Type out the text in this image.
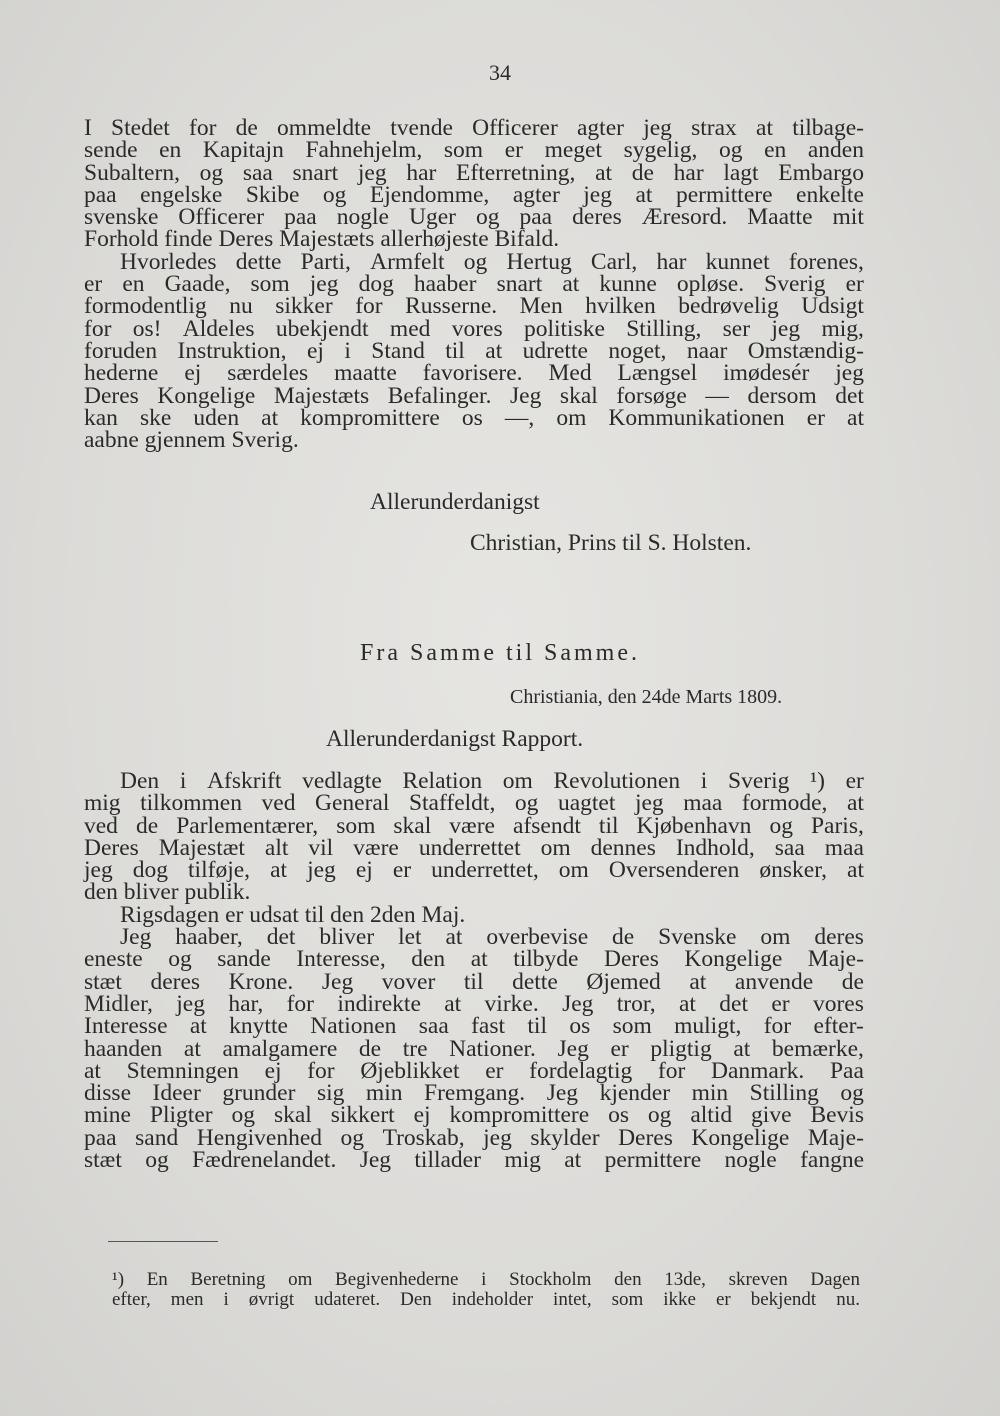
34
I Stedet for de ommeldte tvende Officerer agter jeg strax at tilbage-
sende en Kapitajn Fahnehjelm, som er meget sygelig, og en anden
Subaltern, og saa snart jeg har Efterretning, at de har lagt Embargo
paa engelske Skibe og Ejendomme, agter jeg at permittere enkelte
svenske Officerer paa nogle Uger og paa deres Æresord. Maatte mit
Forhold finde Deres Majestæts allerhøjeste Bifald.
Hvorledes dette Parti, Armfelt og Hertug Carl, har kunnet forenes,
er en Gaade, som jeg dog haaber snart at kunne opløse. Sverig er
formodentlig nu sikker for Russerne. Men hvilken bedrøvelig Udsigt
for os! Aldeles ubekjendt med vores politiske Stilling, ser jeg mig,
foruden Instruktion, ej i Stand til at udrette noget, naar Omstændig-
hederne ej særdeles maatte favorisere. Med Længsel imødesér jeg
Deres Kongelige Majestæts Befalinger. Jeg skal forsøge — dersom det
kan ske uden at kompromittere os —, om Kommunikationen er at
aabne gjennem Sverig.
Allerunderdanigst
Christian, Prins til S. Holsten.
Fra Samme til Samme.
Christiania, den 24de Marts 1809.
Allerunderdanigst Rapport.
Den i Afskrift vedlagte Relation om Revolutionen i Sverig ¹) er
mig tilkommen ved General Staffeldt, og uagtet jeg maa formode, at
ved de Parlementærer, som skal være afsendt til Kjøbenhavn og Paris,
Deres Majestæt alt vil være underrettet om dennes Indhold, saa maa
jeg dog tilføje, at jeg ej er underrettet, om Oversenderen ønsker, at
den bliver publik.
Rigsdagen er udsat til den 2den Maj.
Jeg haaber, det bliver let at overbevise de Svenske om deres
eneste og sande Interesse, den at tilbyde Deres Kongelige Maje-
stæt deres Krone. Jeg vover til dette Øjemed at anvende de
Midler, jeg har, for indirekte at virke. Jeg tror, at det er vores
Interesse at knytte Nationen saa fast til os som muligt, for efter-
haanden at amalgamere de tre Nationer. Jeg er pligtig at bemærke,
at Stemningen ej for Øjeblikket er fordelagtig for Danmark. Paa
disse Ideer grunder sig min Fremgang. Jeg kjender min Stilling og
mine Pligter og skal sikkert ej kompromittere os og altid give Bevis
paa sand Hengivenhed og Troskab, jeg skylder Deres Kongelige Maje-
stæt og Fædrenelandet. Jeg tillader mig at permittere nogle fangne
¹) En Beretning om Begivenhederne i Stockholm den 13de, skreven Dagen
efter, men i øvrigt udateret. Den indeholder intet, som ikke er bekjendt nu.
